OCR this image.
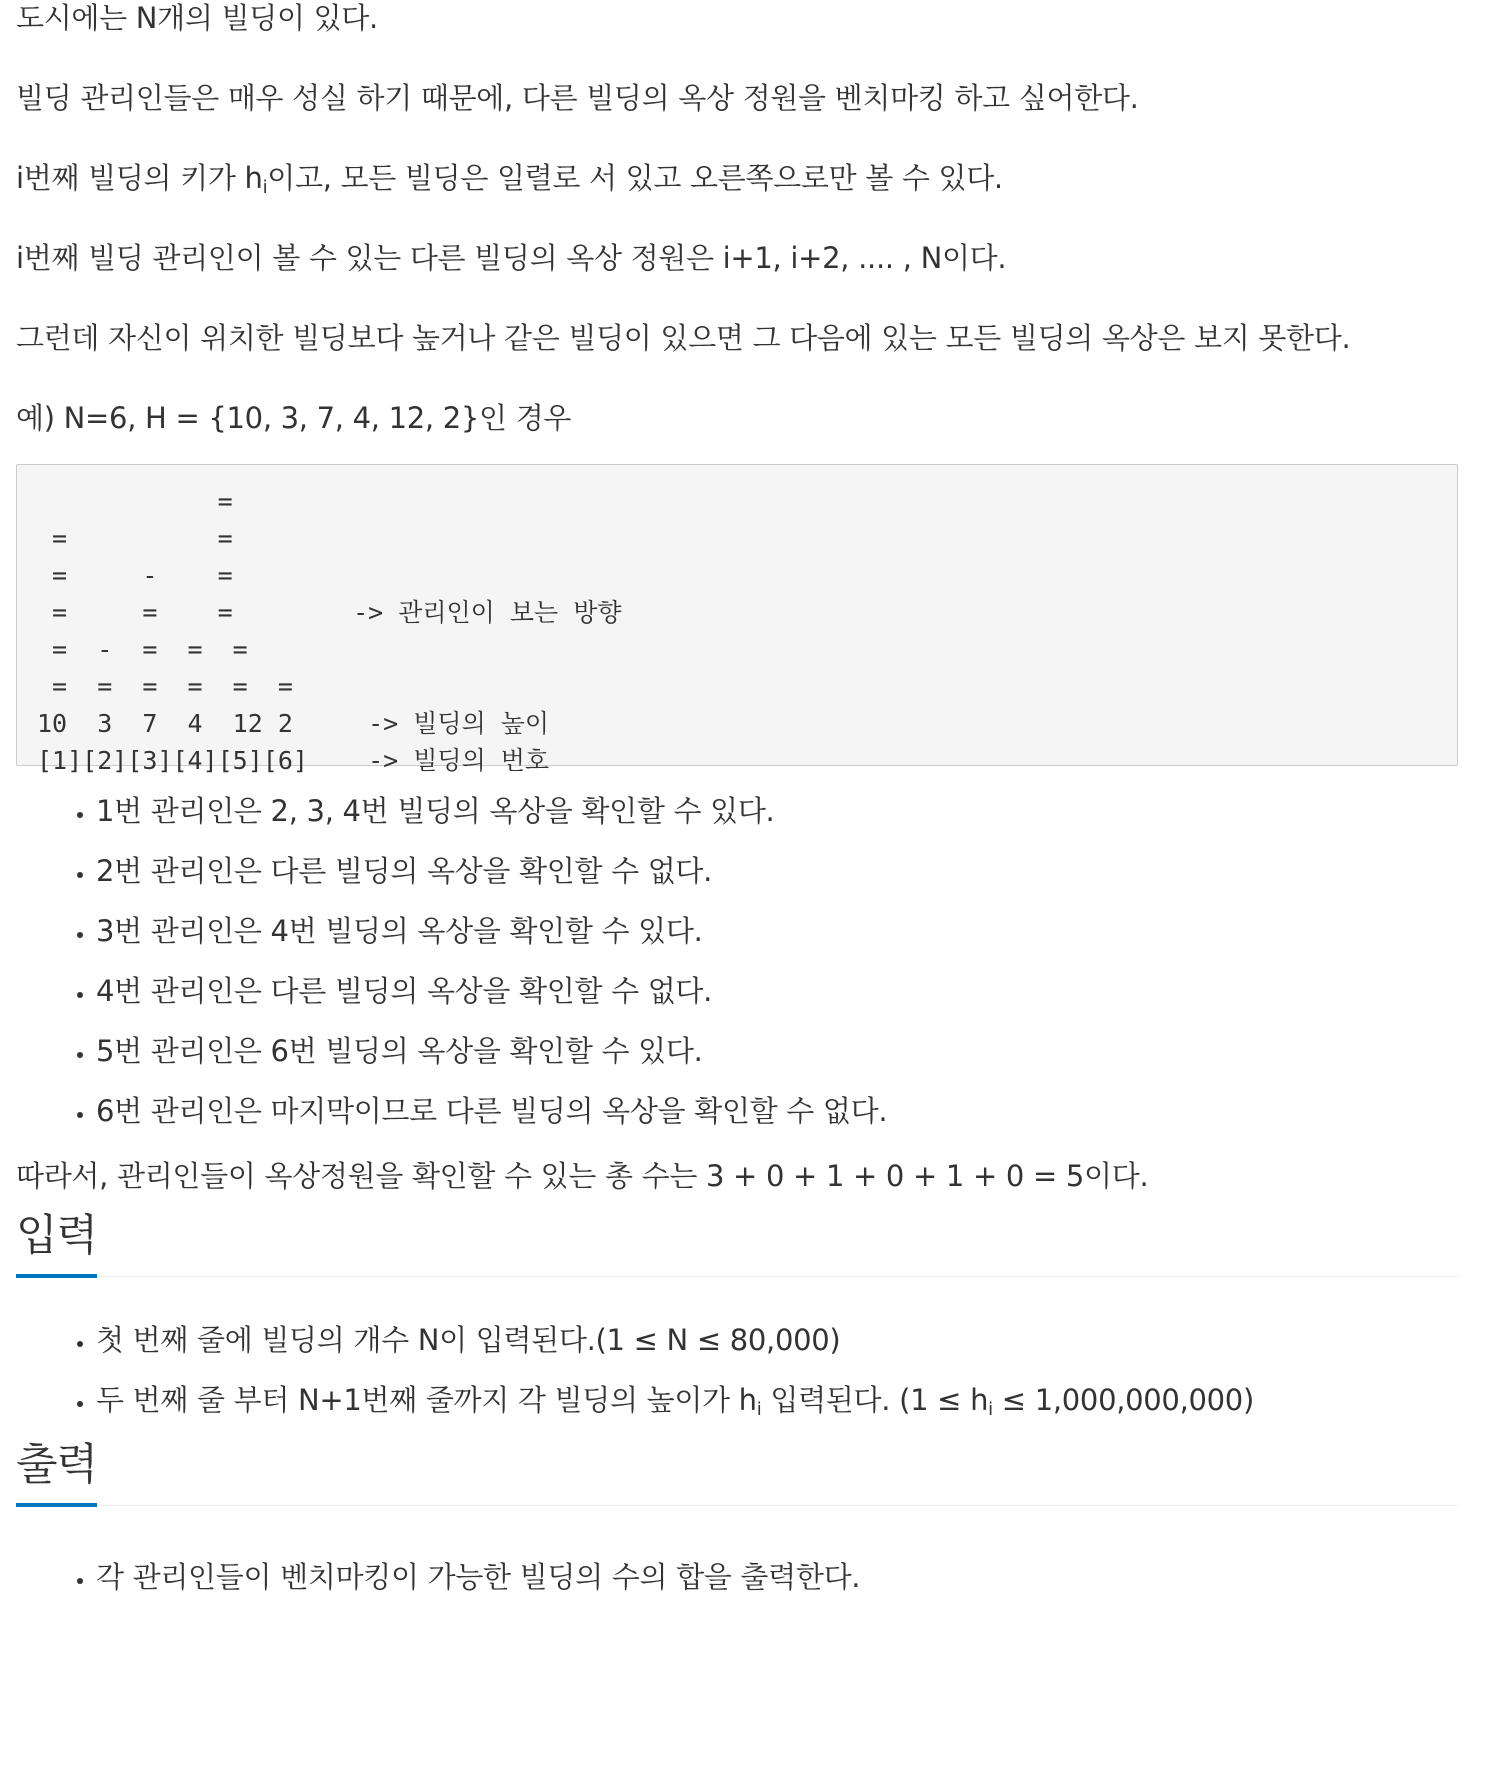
도시에는 N개의 빌딩이 있다.

빌딩 관리인들은 매우 성실 하기 때문에, 다른 빌딩의 옥상 정원을 벤치마킹 하고 싶어한다.

i번째 빌딩의 키가 $h_i$이고, 모든 빌딩은 일렬로 서 있고 오른쪽으로만 볼 수 있다.

i번째 빌딩 관리인이 볼 수 있는 다른 빌딩의 옥상 정원은 i+1, i+2, .... , N이다.

그런데 자신이 위치한 빌딩보다 높거나 같은 빌딩이 있으면 그 다음에 있는 모든 빌딩의 옥상은 보지 못한다.

예) N=6, H = {10, 3, 7, 4, 12, 2}인 경우

=
=          =
=     -    =
=     =    =        -> 관리인이 보는 방향
=  -  =  =  =
=  =  =  =  =  =
10  3  7  4  12 2     -> 빌딩의 높이
[1][2][3][4][5][6]    -> 빌딩의 번호
• 1번 관리인은 2, 3, 4번 빌딩의 옥상을 확인할 수 있다.
• 2번 관리인은 다른 빌딩의 옥상을 확인할 수 없다.
• 3번 관리인은 4번 빌딩의 옥상을 확인할 수 있다.
• 4번 관리인은 다른 빌딩의 옥상을 확인할 수 없다.
• 5번 관리인은 6번 빌딩의 옥상을 확인할 수 있다.
• 6번 관리인은 마지막이므로 다른 빌딩의 옥상을 확인할 수 없다.

따라서, 관리인들이 옥상정원을 확인할 수 있는 총 수는 3 + 0 + 1 + 0 + 1 + 0 = 5이다.

입력
• 첫 번째 줄에 빌딩의 개수 N이 입력된다.(1 ≤ N ≤ 80,000)
• 두 번째 줄 부터 N+1번째 줄까지 각 빌딩의 높이가 $h_i$ 입력된다. $(1 \le h_i \le 1,000,000,000)$
출력
• 각 관리인들이 벤치마킹이 가능한 빌딩의 수의 합을 출력한다.
